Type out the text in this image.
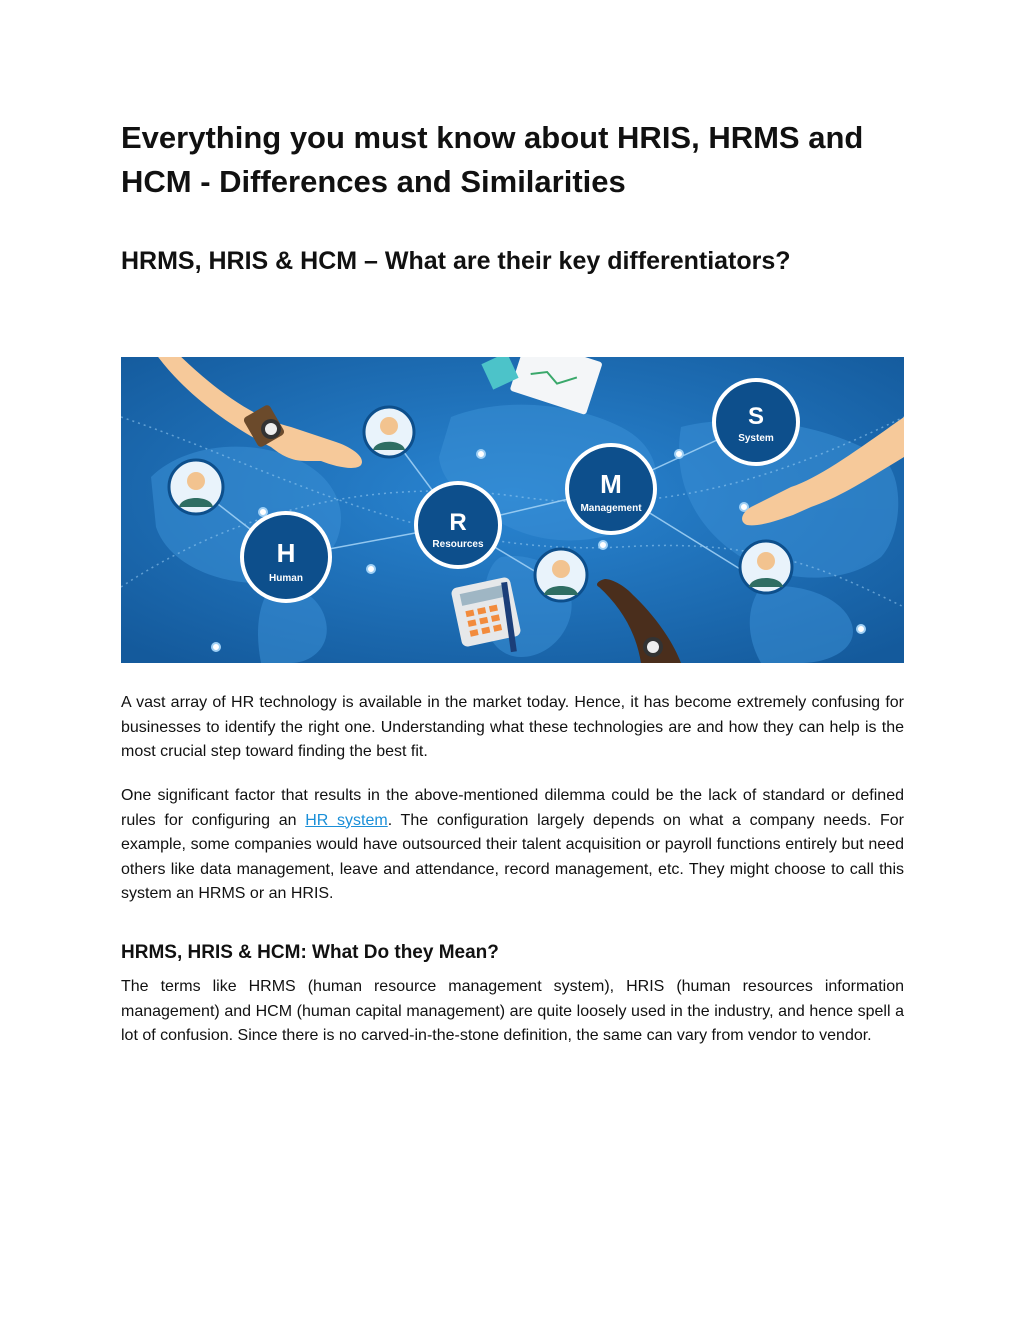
Everything you must know about HRIS, HRMS and HCM - Differences and Similarities
HRMS, HRIS & HCM – What are their key differentiators?
H
Human
R
Resources
M
Management
S
System

A vast array of HR technology is available in the market today. Hence, it has become extremely confusing for businesses to identify the right one. Understanding what these technologies are and how they can help is the most crucial step toward finding the best fit.

One significant factor that results in the above-mentioned dilemma could be the lack of standard or defined rules for configuring an HR system. The configuration largely depends on what a company needs. For example, some companies would have outsourced their talent acquisition or payroll functions entirely but need others like data management, leave and attendance, record management, etc. They might choose to call this system an HRMS or an HRIS.

HRMS, HRIS & HCM: What Do they Mean?

The terms like HRMS (human resource management system), HRIS (human resources information management) and HCM (human capital management) are quite loosely used in the industry, and hence spell a lot of confusion. Since there is no carved-in-the-stone definition, the same can vary from vendor to vendor.
